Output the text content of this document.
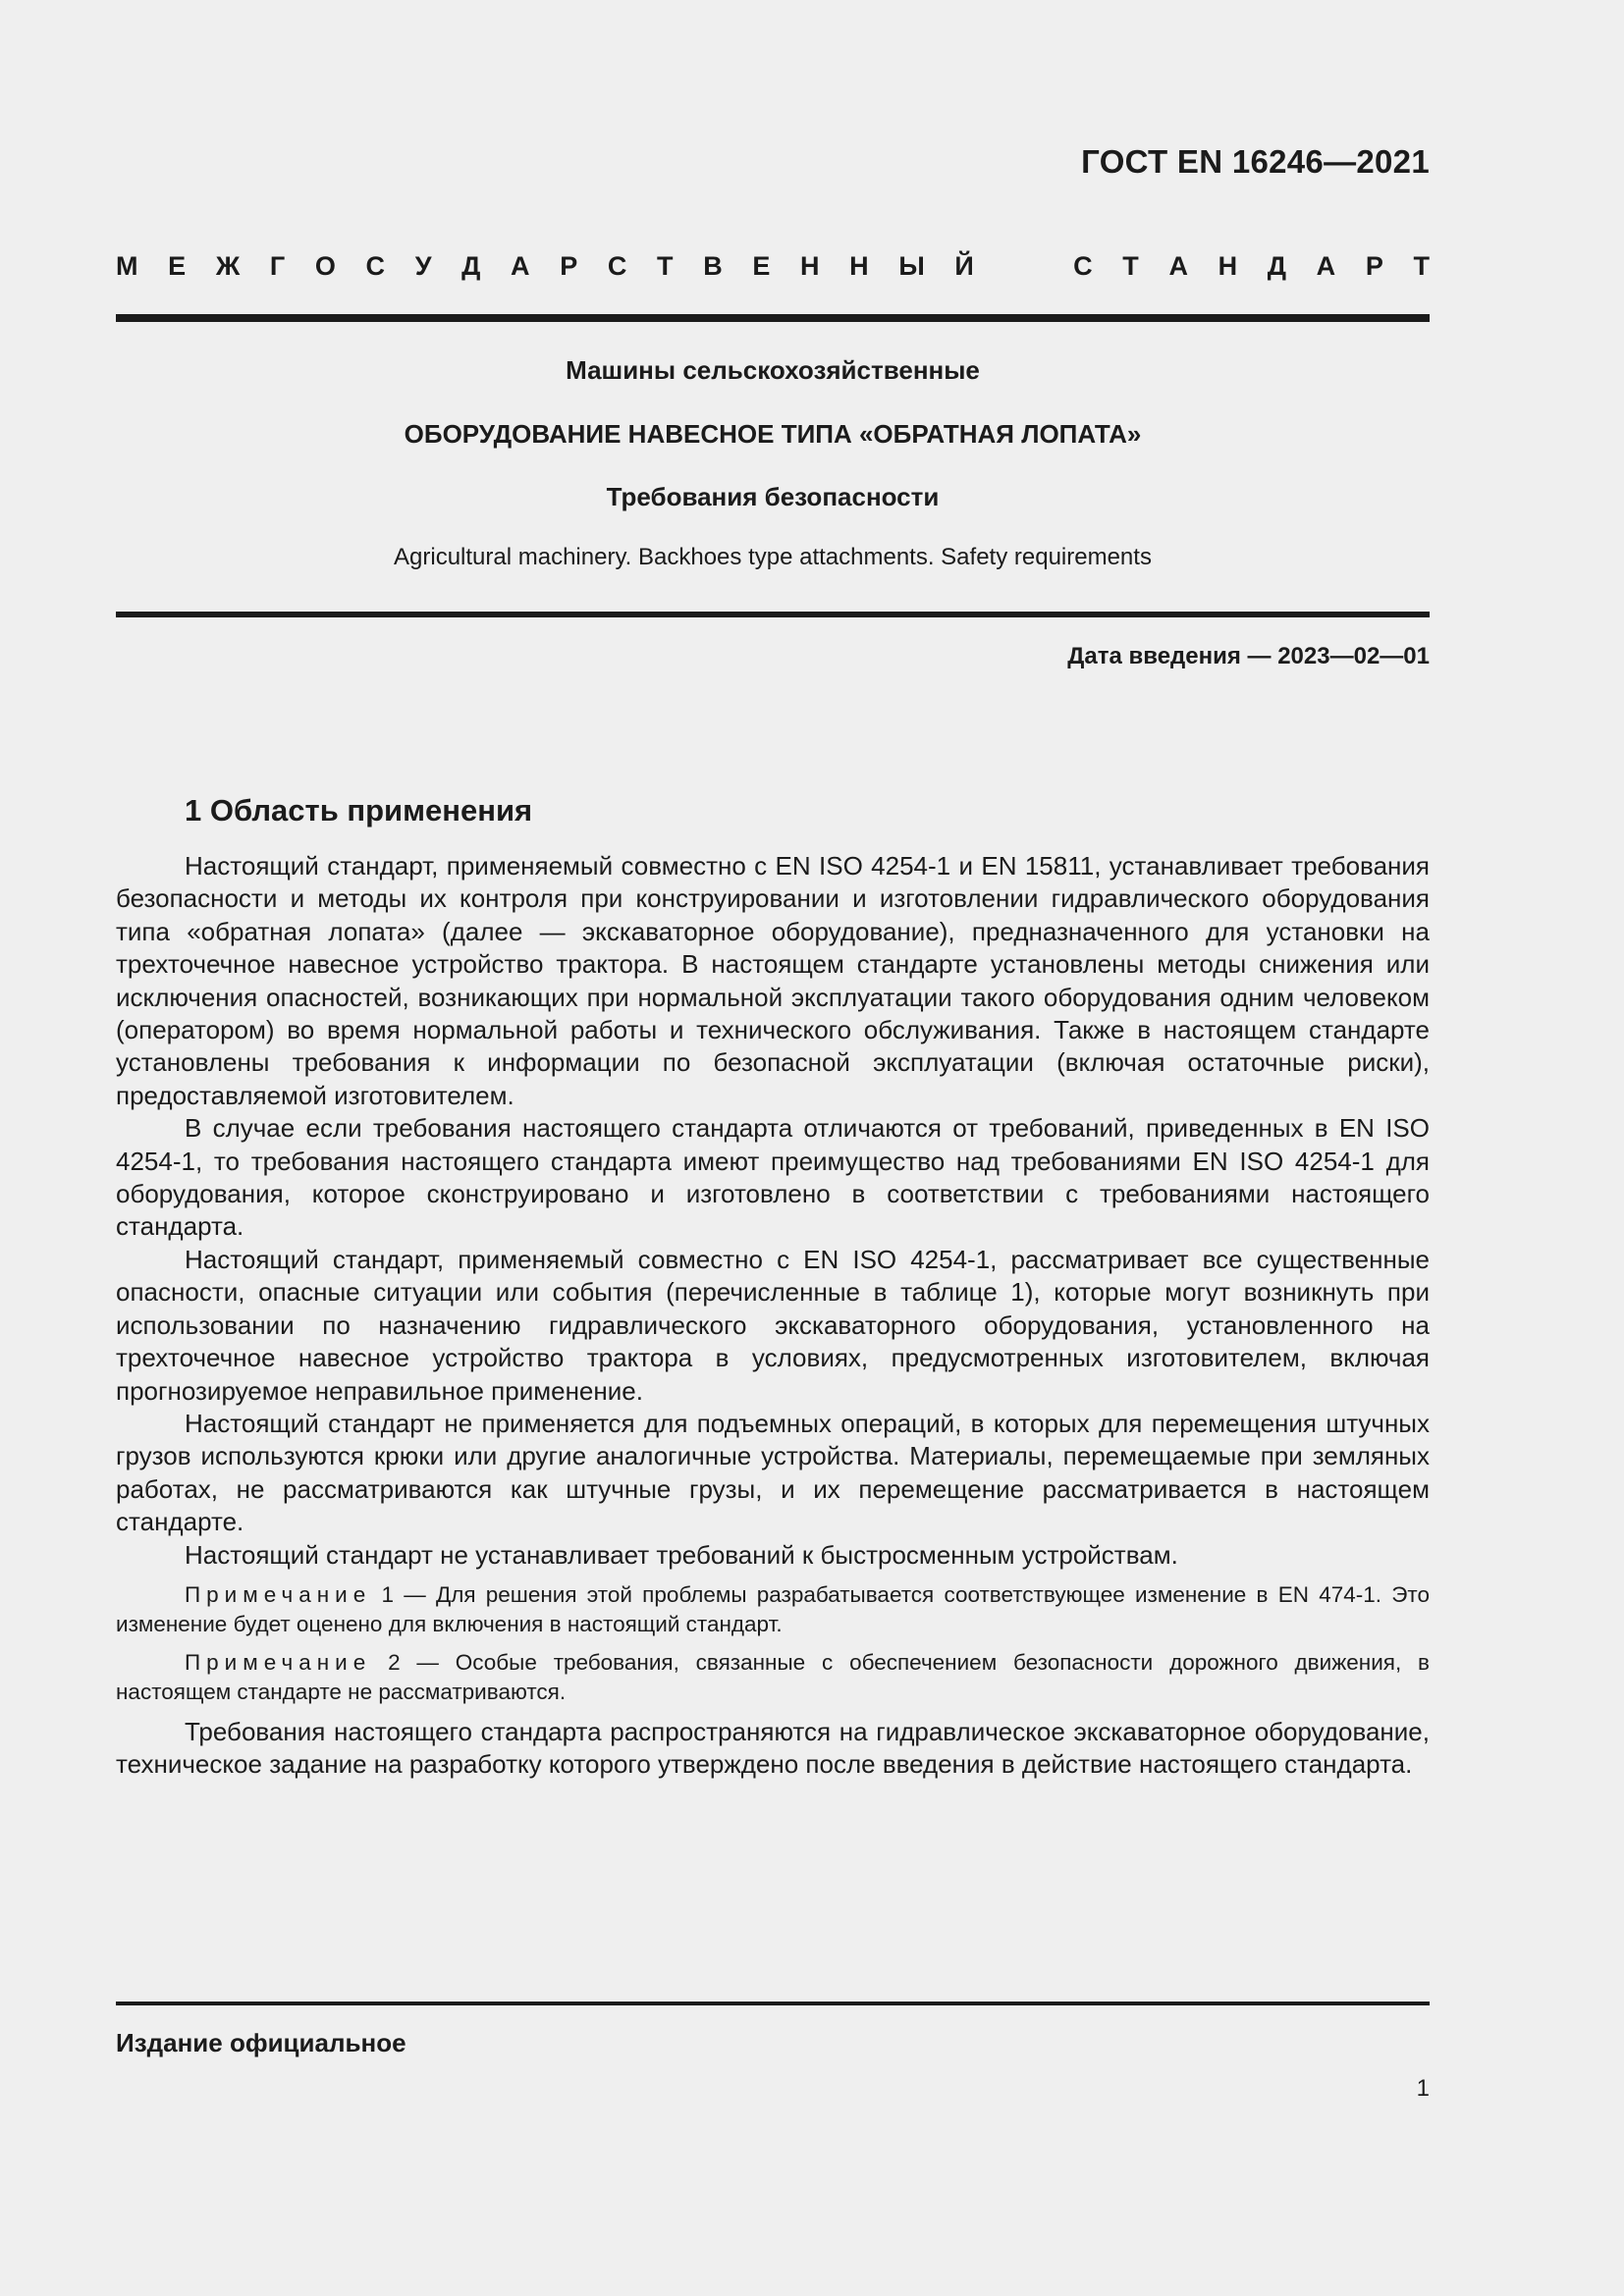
ГОСТ EN 16246—2021
М Е Ж Г О С У Д А Р С Т В Е Н Н Ы Й	С Т А Н Д А Р Т
Машины сельскохозяйственные
ОБОРУДОВАНИЕ НАВЕСНОЕ ТИПА «ОБРАТНАЯ ЛОПАТА»
Требования безопасности
Agricultural machinery. Backhoes type attachments. Safety requirements
Дата введения — 2023—02—01
1 Область применения

Настоящий стандарт, применяемый совместно с EN ISO 4254-1 и EN 15811, устанавливает требования безопасности и методы их контроля при конструировании и изготовлении гидравлического оборудования типа «обратная лопата» (далее — экскаваторное оборудование), предназначенного для установки на трехточечное навесное устройство трактора. В настоящем стандарте установлены методы снижения или исключения опасностей, возникающих при нормальной эксплуатации такого оборудования одним человеком (оператором) во время нормальной работы и технического обслуживания. Также в настоящем стандарте установлены требования к информации по безопасной эксплуатации (включая остаточные риски), предоставляемой изготовителем.

В случае если требования настоящего стандарта отличаются от требований, приведенных в EN ISO 4254-1, то требования настоящего стандарта имеют преимущество над требованиями EN ISO 4254-1 для оборудования, которое сконструировано и изготовлено в соответствии с требованиями настоящего стандарта.

Настоящий стандарт, применяемый совместно с EN ISO 4254-1, рассматривает все существенные опасности, опасные ситуации или события (перечисленные в таблице 1), которые могут возникнуть при использовании по назначению гидравлического экскаваторного оборудования, установленного на трехточечное навесное устройство трактора в условиях, предусмотренных изготовителем, включая прогнозируемое неправильное применение.

Настоящий стандарт не применяется для подъемных операций, в которых для перемещения штучных грузов используются крюки или другие аналогичные устройства. Материалы, перемещаемые при земляных работах, не рассматриваются как штучные грузы, и их перемещение рассматривается в настоящем стандарте.

Настоящий стандарт не устанавливает требований к быстросменным устройствам.

Примечание 1 — Для решения этой проблемы разрабатывается соответствующее изменение в EN 474-1. Это изменение будет оценено для включения в настоящий стандарт.

Примечание 2 — Особые требования, связанные с обеспечением безопасности дорожного движения, в настоящем стандарте не рассматриваются.

Требования настоящего стандарта распространяются на гидравлическое экскаваторное оборудование, техническое задание на разработку которого утверждено после введения в действие настоящего стандарта.

Издание официальное
1
